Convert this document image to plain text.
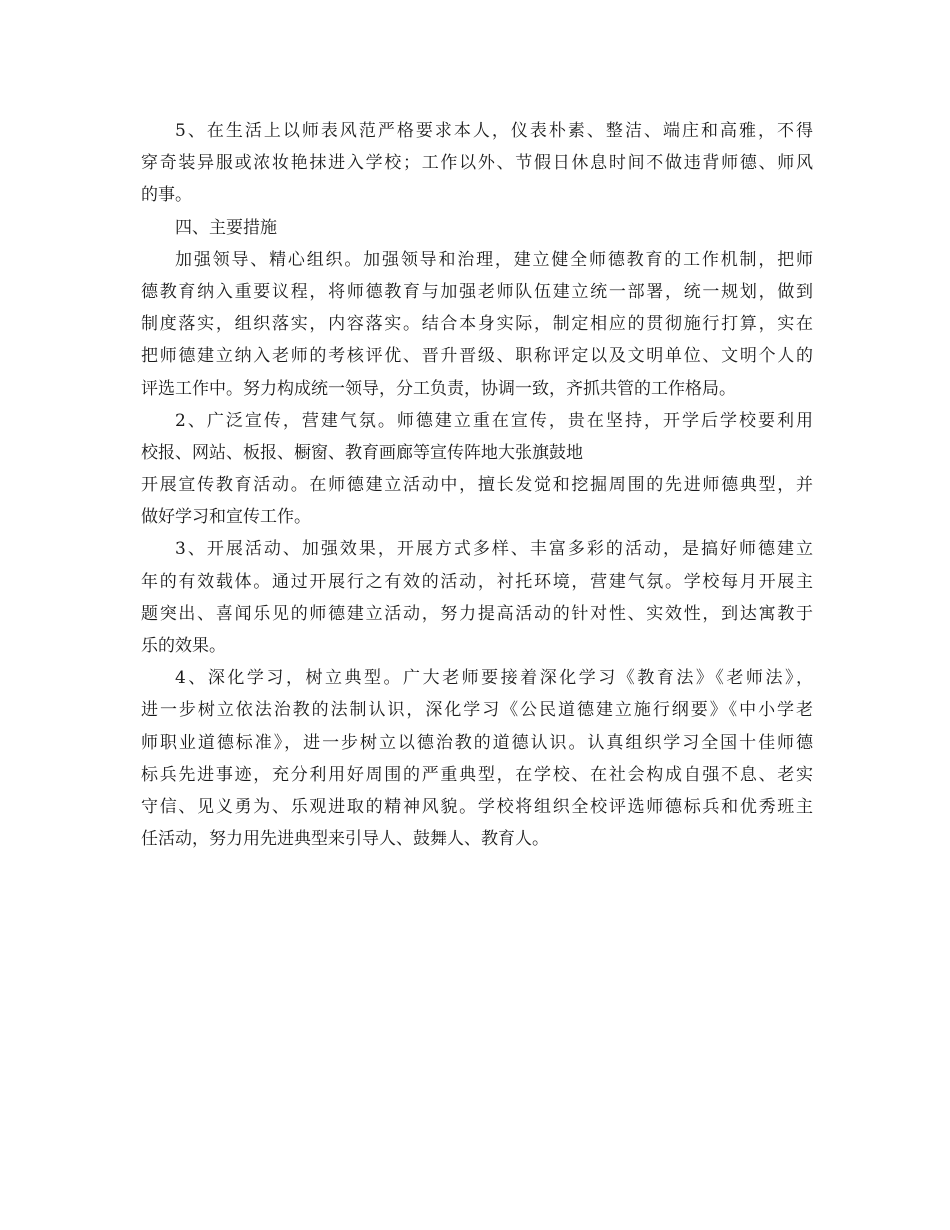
5、在生活上以师表风范严格要求本人，仪表朴素、整洁、端庄和高雅，不得
穿奇装异服或浓妆艳抹进入学校；工作以外、节假日休息时间不做违背师德、师风
的事。
四、主要措施
加强领导、精心组织。加强领导和治理，建立健全师德教育的工作机制，把师
德教育纳入重要议程，将师德教育与加强老师队伍建立统一部署，统一规划，做到
制度落实，组织落实，内容落实。结合本身实际，制定相应的贯彻施行打算，实在
把师德建立纳入老师的考核评优、晋升晋级、职称评定以及文明单位、文明个人的
评选工作中。努力构成统一领导，分工负责，协调一致，齐抓共管的工作格局。
2、广泛宣传，营建气氛。师德建立重在宣传，贵在坚持，开学后学校要利用
校报、网站、板报、橱窗、教育画廊等宣传阵地大张旗鼓地
开展宣传教育活动。在师德建立活动中，擅长发觉和挖掘周围的先进师德典型，并
做好学习和宣传工作。
3、开展活动、加强效果，开展方式多样、丰富多彩的活动，是搞好师德建立
年的有效载体。通过开展行之有效的活动，衬托环境，营建气氛。学校每月开展主
题突出、喜闻乐见的师德建立活动，努力提高活动的针对性、实效性，到达寓教于
乐的效果。
4、深化学习，树立典型。广大老师要接着深化学习《教育法》《老师法》，
进一步树立依法治教的法制认识，深化学习《公民道德建立施行纲要》《中小学老
师职业道德标准》，进一步树立以德治教的道德认识。认真组织学习全国十佳师德
标兵先进事迹，充分利用好周围的严重典型，在学校、在社会构成自强不息、老实
守信、见义勇为、乐观进取的精神风貌。学校将组织全校评选师德标兵和优秀班主
任活动，努力用先进典型来引导人、鼓舞人、教育人。
